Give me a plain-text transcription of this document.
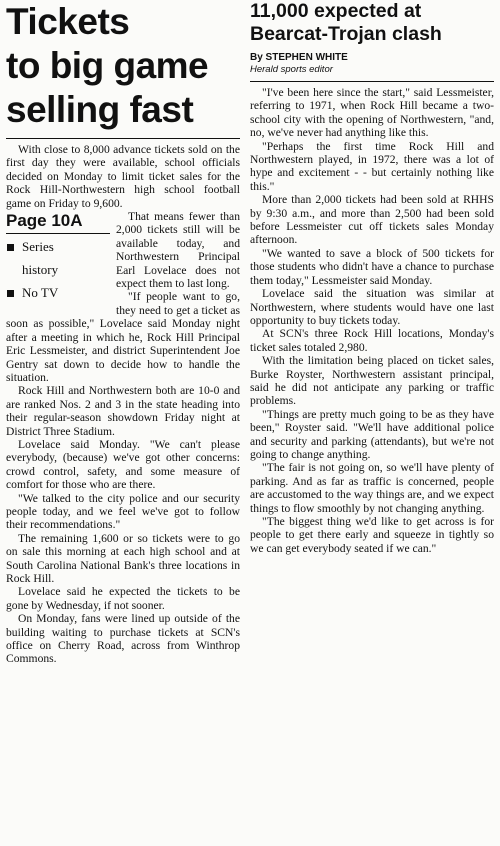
Tickets
to big game
selling fast

With close to 8,000 advance tickets sold on the first day they were available, school officials decided on Monday to limit ticket sales for the Rock Hill-Northwestern high school football game on Friday to 9,600.

Page 10A
Series
history
No TV

That means fewer than 2,000 tickets still will be available today, and Northwestern Principal Earl Lovelace does not expect them to last long.

"If people want to go, they need to get a ticket as soon as possible," Lovelace said Monday night after a meeting in which he, Rock Hill Principal Eric Lessmeister, and district Superintendent Joe Gentry sat down to decide how to handle the situation.

Rock Hill and Northwestern both are 10-0 and are ranked Nos. 2 and 3 in the state heading into their regular-season showdown Friday night at District Three Stadium.

Lovelace said Monday. "We can't please everybody, (because) we've got other concerns: crowd control, safety, and some measure of comfort for those who are there.

"We talked to the city police and our security people today, and we feel we've got to follow their recommendations."

The remaining 1,600 or so tickets were to go on sale this morning at each high school and at South Carolina National Bank's three locations in Rock Hill.

Lovelace said he expected the tickets to be gone by Wednesday, if not sooner.

On Monday, fans were lined up outside of the building waiting to purchase tickets at SCN's office on Cherry Road, across from Winthrop Commons.

11,000 expected at
Bearcat-Trojan clash
By STEPHEN WHITE
Herald sports editor

"I've been here since the start," said Lessmeister, referring to 1971, when Rock Hill became a two-school city with the opening of Northwestern, "and, no, we've never had anything like this.

"Perhaps the first time Rock Hill and Northwestern played, in 1972, there was a lot of hype and excitement - - but certainly nothing like this."

More than 2,000 tickets had been sold at RHHS by 9:30 a.m., and more than 2,500 had been sold before Lessmeister cut off tickets sales Monday afternoon.

"We wanted to save a block of 500 tickets for those students who didn't have a chance to purchase them today," Lessmeister said Monday.

Lovelace said the situation was similar at Northwestern, where students would have one last opportunity to buy tickets today.

At SCN's three Rock Hill locations, Monday's ticket sales totaled 2,980.

With the limitation being placed on ticket sales, Burke Royster, Northwestern assistant principal, said he did not anticipate any parking or traffic problems.

"Things are pretty much going to be as they have been," Royster said. "We'll have additional police and security and parking (attendants), but we're not going to change anything.

"The fair is not going on, so we'll have plenty of parking. And as far as traffic is concerned, people are accustomed to the way things are, and we expect things to flow smoothly by not changing anything.

"The biggest thing we'd like to get across is for people to get there early and squeeze in tightly so we can get everybody seated if we can."
